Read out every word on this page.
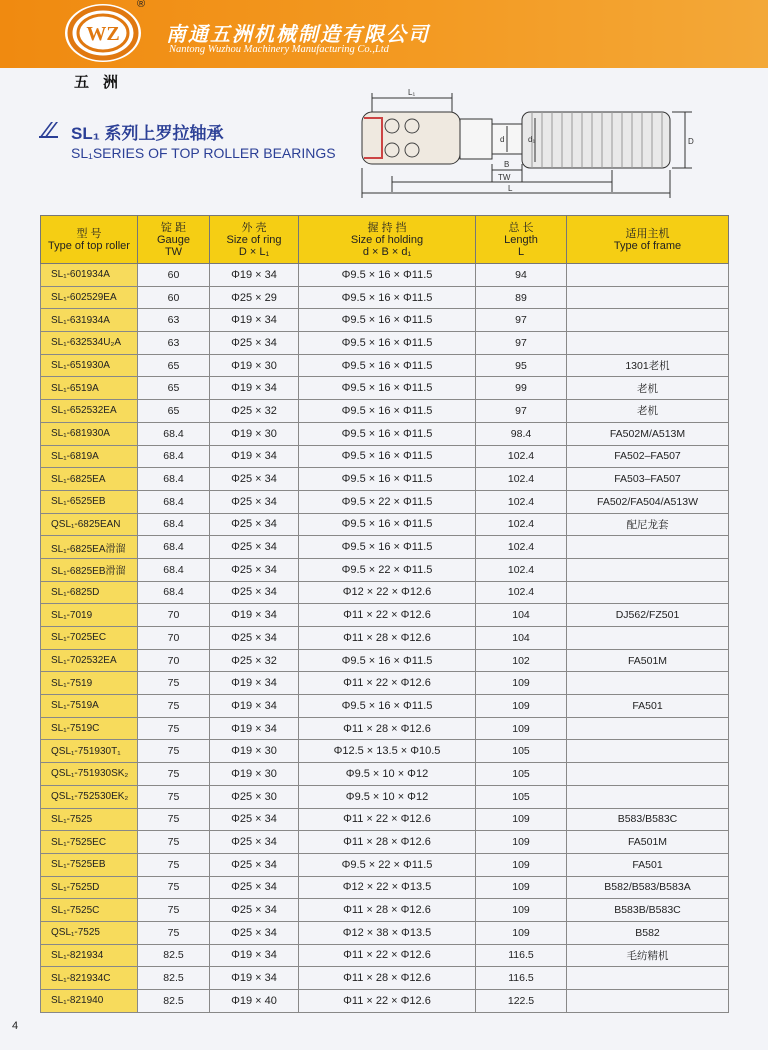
WZ
®
南通五洲机械制造有限公司
Nantong Wuzhou Machinery Manufacturing Co.,Ltd
五洲
SL₁ 系列上罗拉轴承
SL₁SERIES OF TOP ROLLER BEARINGS
L₁
d	d₁	D
B
TW
L
型 号
Type of top roller	锭 距
Gauge
TW	外 壳
Size of ring
D × L₁	握 持 挡
Size of holding
d × B × d₁	总 长
Length
L	适用主机
Type of frame

SL₁-601934A	60	Φ19 × 34	Φ9.5 × 16 × Φ11.5	94	
SL₁-602529EA	60	Φ25 × 29	Φ9.5 × 16 × Φ11.5	89	
SL₁-631934A	63	Φ19 × 34	Φ9.5 × 16 × Φ11.5	97	
SL₁-632534U₂A	63	Φ25 × 34	Φ9.5 × 16 × Φ11.5	97	
SL₁-651930A	65	Φ19 × 30	Φ9.5 × 16 × Φ11.5	95	1301老机
SL₁-6519A	65	Φ19 × 34	Φ9.5 × 16 × Φ11.5	99	老机
SL₁-652532EA	65	Φ25 × 32	Φ9.5 × 16 × Φ11.5	97	老机
SL₁-681930A	68.4	Φ19 × 30	Φ9.5 × 16 × Φ11.5	98.4	FA502M/A513M
SL₁-6819A	68.4	Φ19 × 34	Φ9.5 × 16 × Φ11.5	102.4	FA502–FA507
SL₁-6825EA	68.4	Φ25 × 34	Φ9.5 × 16 × Φ11.5	102.4	FA503–FA507
SL₁-6525EB	68.4	Φ25 × 34	Φ9.5 × 22 × Φ11.5	102.4	FA502/FA504/A513W
QSL₁-6825EAN	68.4	Φ25 × 34	Φ9.5 × 16 × Φ11.5	102.4	配尼龙套
SL₁-6825EA滑溜	68.4	Φ25 × 34	Φ9.5 × 16 × Φ11.5	102.4	
SL₁-6825EB滑溜	68.4	Φ25 × 34	Φ9.5 × 22 × Φ11.5	102.4	
SL₁-6825D	68.4	Φ25 × 34	Φ12 × 22 × Φ12.6	102.4	
SL₁-7019	70	Φ19 × 34	Φ11 × 22 × Φ12.6	104	DJ562/FZ501
SL₁-7025EC	70	Φ25 × 34	Φ11 × 28 × Φ12.6	104	
SL₁-702532EA	70	Φ25 × 32	Φ9.5 × 16 × Φ11.5	102	FA501M
SL₁-7519	75	Φ19 × 34	Φ11 × 22 × Φ12.6	109	
SL₁-7519A	75	Φ19 × 34	Φ9.5 × 16 × Φ11.5	109	FA501
SL₁-7519C	75	Φ19 × 34	Φ11 × 28 × Φ12.6	109	
QSL₁-751930T₁	75	Φ19 × 30	Φ12.5 × 13.5 × Φ10.5	105	
QSL₁-751930SK₂	75	Φ19 × 30	Φ9.5 × 10 × Φ12	105	
QSL₁-752530EK₂	75	Φ25 × 30	Φ9.5 × 10 × Φ12	105	
SL₁-7525	75	Φ25 × 34	Φ11 × 22 × Φ12.6	109	B583/B583C
SL₁-7525EC	75	Φ25 × 34	Φ11 × 28 × Φ12.6	109	FA501M
SL₁-7525EB	75	Φ25 × 34	Φ9.5 × 22 × Φ11.5	109	FA501
SL₁-7525D	75	Φ25 × 34	Φ12 × 22 × Φ13.5	109	B582/B583/B583A
SL₁-7525C	75	Φ25 × 34	Φ11 × 28 × Φ12.6	109	B583B/B583C
QSL₁-7525	75	Φ25 × 34	Φ12 × 38 × Φ13.5	109	B582
SL₁-821934	82.5	Φ19 × 34	Φ11 × 22 × Φ12.6	116.5	毛纺精机
SL₁-821934C	82.5	Φ19 × 34	Φ11 × 28 × Φ12.6	116.5	
SL₁-821940	82.5	Φ19 × 40	Φ11 × 22 × Φ12.6	122.5	
4
